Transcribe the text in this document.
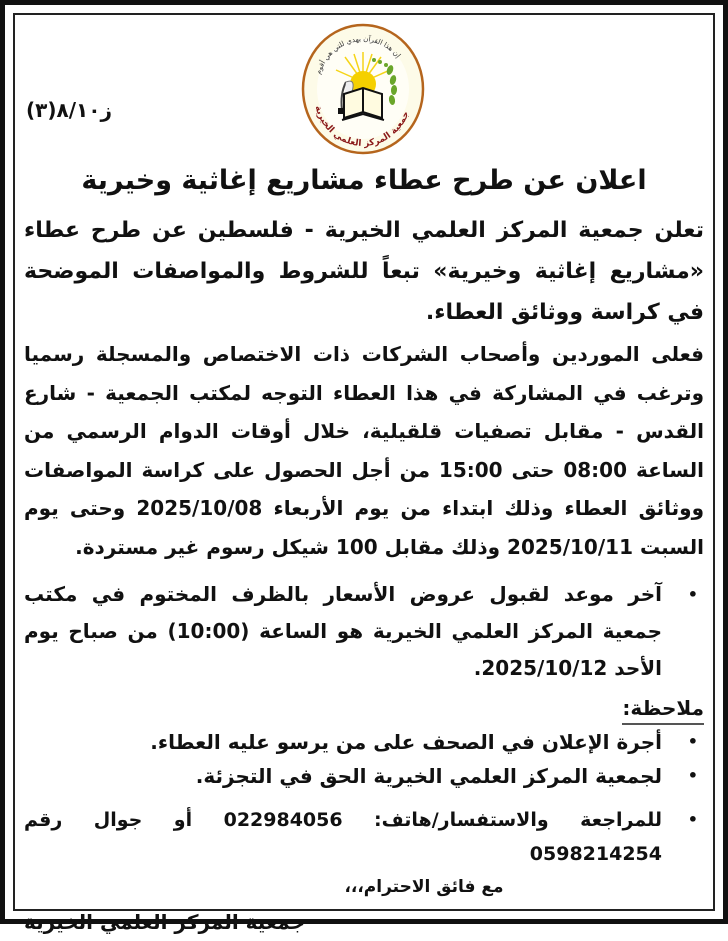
ز٨/١٠(٣)
إن هذا القرآن يهدي للتي هي أقوم
جمعية المركز العلمي الخيرية
اعلان عن طرح عطاء مشاريع إغاثية وخيرية

تعلن جمعية المركز العلمي الخيرية - فلسطين عن طرح عطاء «مشاريع إغاثية وخيرية» تبعاً للشروط والمواصفات الموضحة في كراسة ووثائق العطاء.

فعلى الموردين وأصحاب الشركات ذات الاختصاص والمسجلة رسميا وترغب في المشاركة في هذا العطاء التوجه لمكتب الجمعية - شارع القدس - مقابل تصفيات قلقيلية، خلال أوقات الدوام الرسمي من الساعة 08:00 حتى 15:00 من أجل الحصول على كراسة المواصفات ووثائق العطاء وذلك ابتداء من يوم الأربعاء 2025/10/08 وحتى يوم السبت 2025/10/11 وذلك مقابل 100 شيكل رسوم غير مستردة.

•
آخر موعد لقبول عروض الأسعار بالظرف المختوم في مكتب جمعية المركز العلمي الخيرية هو الساعة (10:00) من صباح يوم الأحد 2025/10/12.
ملاحظة:
•
أجرة الإعلان في الصحف على من يرسو عليه العطاء.
•
لجمعية المركز العلمي الخيرية الحق في التجزئة.
•
للمراجعة والاستفسار/هاتف: 022984056 أو جوال رقم 0598214254
مع فائق الاحترام،،،
جمعية المركز العلمي الخيرية
